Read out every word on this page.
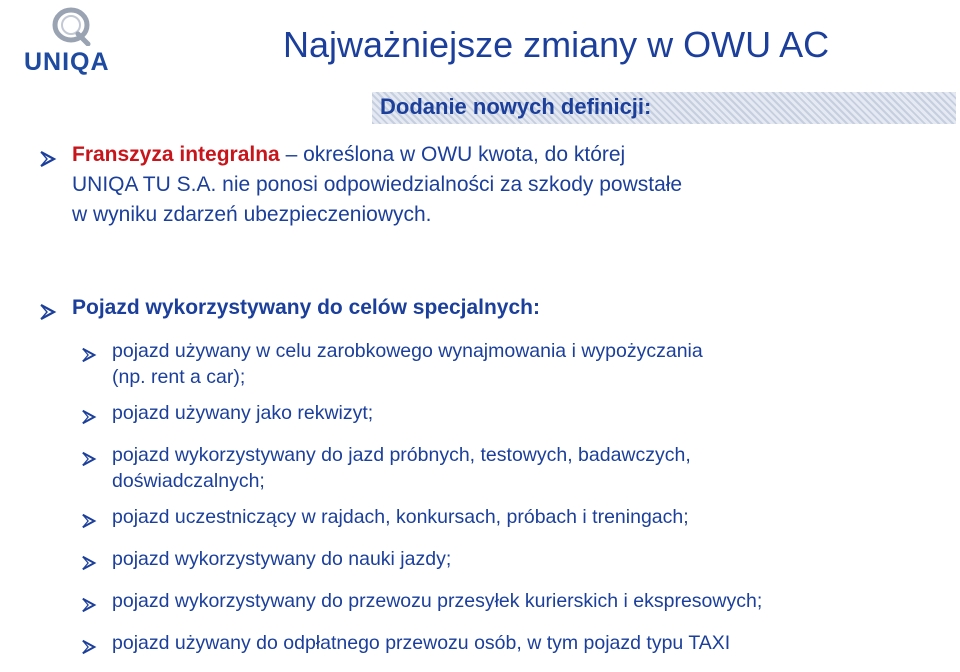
UNIQA	Najważniejsze zmiany w OWU AC
Dodanie nowych definicji:
Franszyza integralna – określona w OWU kwota, do której
UNIQA TU S.A. nie ponosi odpowiedzialności za szkody powstałe
w wyniku zdarzeń ubezpieczeniowych.
Pojazd wykorzystywany do celów specjalnych:
pojazd używany w celu zarobkowego wynajmowania i wypożyczania
(np. rent a car);
pojazd używany jako rekwizyt;
pojazd wykorzystywany do jazd próbnych, testowych, badawczych,
doświadczalnych;
pojazd uczestniczący w rajdach, konkursach, próbach i treningach;
pojazd wykorzystywany do nauki jazdy;
pojazd wykorzystywany do przewozu przesyłek kurierskich i ekspresowych;
pojazd używany do odpłatnego przewozu osób, w tym pojazd typu TAXI
